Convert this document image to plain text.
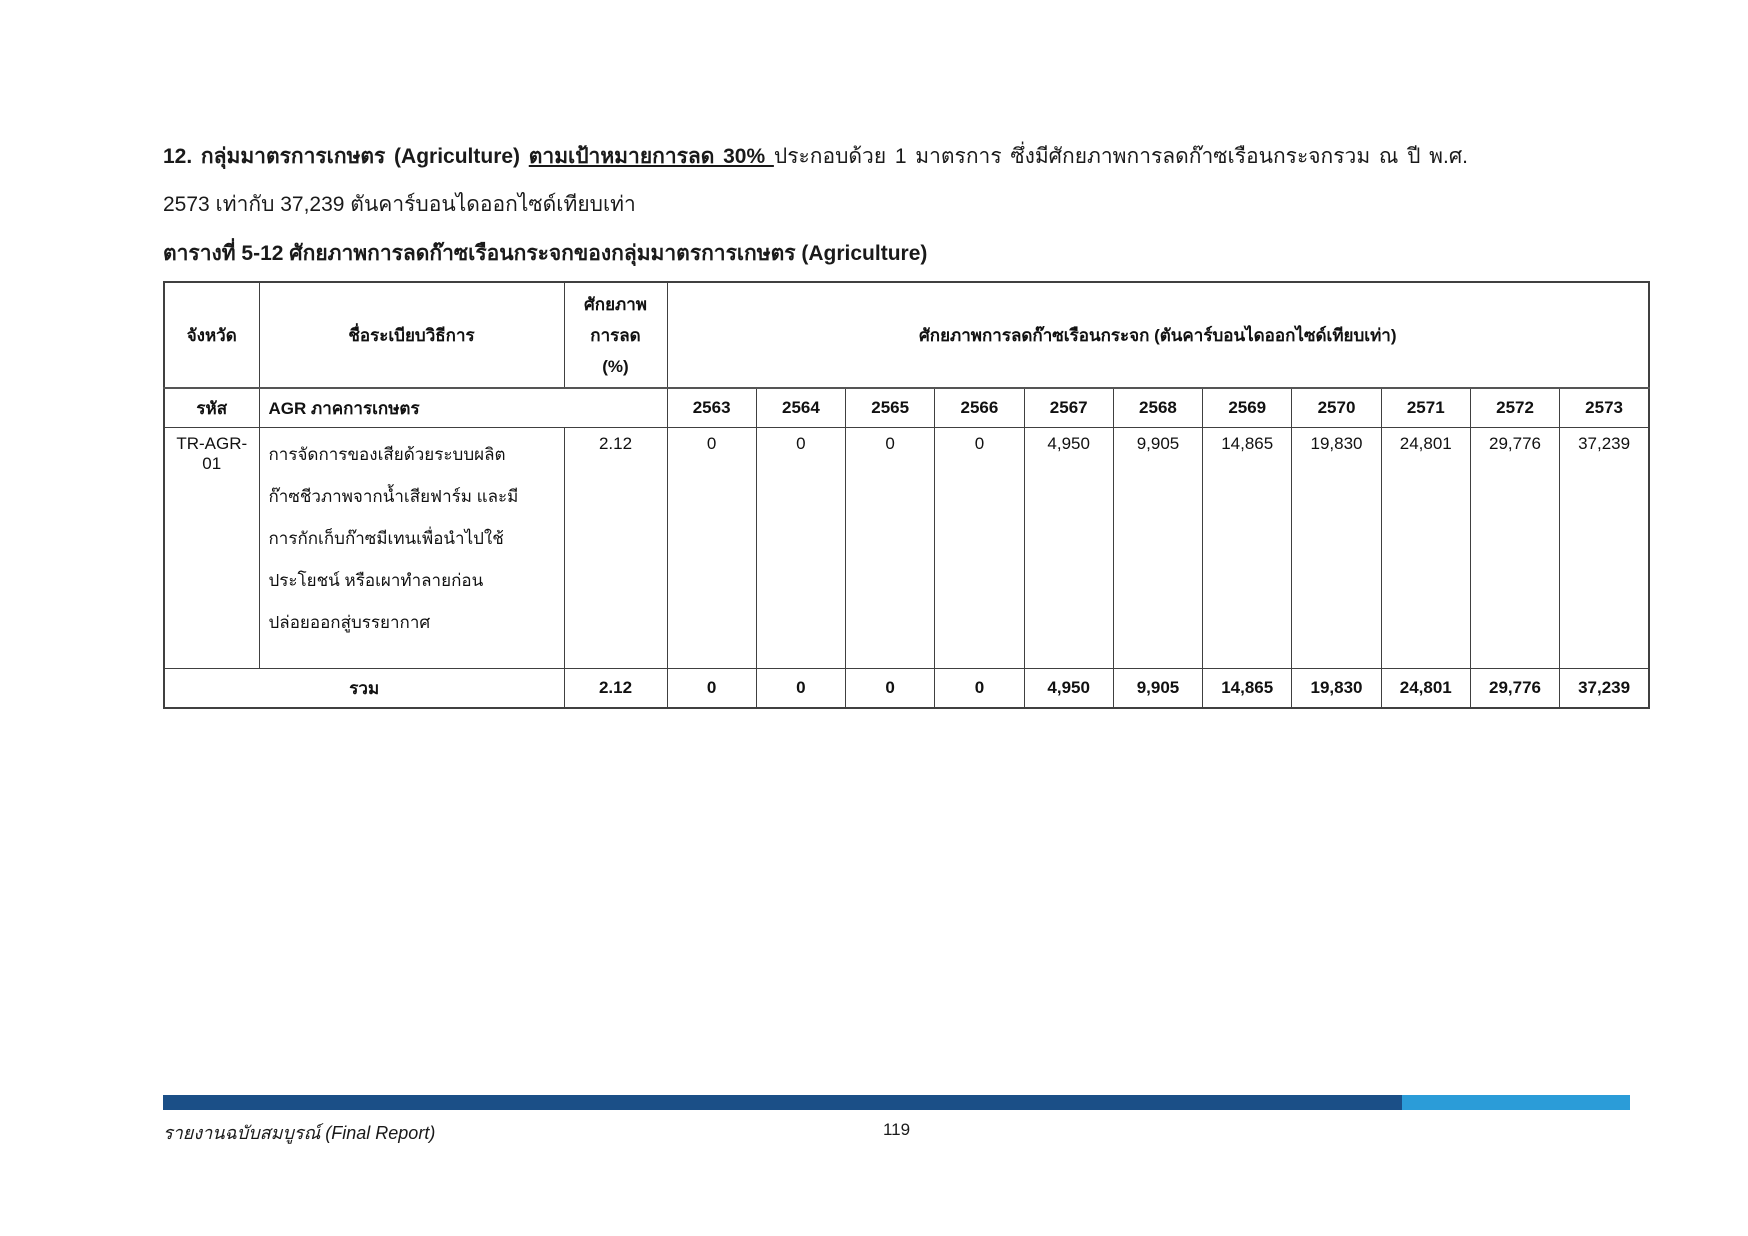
12. กลุ่มมาตรการเกษตร (Agriculture) ตามเป้าหมายการลด 30% ประกอบด้วย 1 มาตรการ ซึ่งมีศักยภาพการลดก๊าซเรือนกระจกรวม ณ ปี พ.ศ. 2573 เท่ากับ 37,239 ตันคาร์บอนไดออกไซด์เทียบเท่า
ตารางที่ 5-12 ศักยภาพการลดก๊าซเรือนกระจกของกลุ่มมาตรการเกษตร (Agriculture)
จังหวัด	ชื่อระเบียบวิธีการ	ศักยภาพ
การลด
(%)	ศักยภาพการลดก๊าซเรือนกระจก (ตันคาร์บอนไดออกไซด์เทียบเท่า)										
รหัส	AGR ภาคการเกษตร		2563	2564	2565	2566	2567	2568	2569	2570	2571	2572	2573
TR-AGR-01	การจัดการของเสียด้วยระบบผลิต
ก๊าซชีวภาพจากน้ำเสียฟาร์ม และมี
การกักเก็บก๊าซมีเทนเพื่อนำไปใช้
ประโยชน์ หรือเผาทำลายก่อน
ปล่อยออกสู่บรรยากาศ	2.12	0	0	0	0	4,950	9,905	14,865	19,830	24,801	29,776	37,239
รวม		2.12	0	0	0	0	4,950	9,905	14,865	19,830	24,801	29,776	37,239
รายงานฉบับสมบูรณ์ (Final Report)	119
